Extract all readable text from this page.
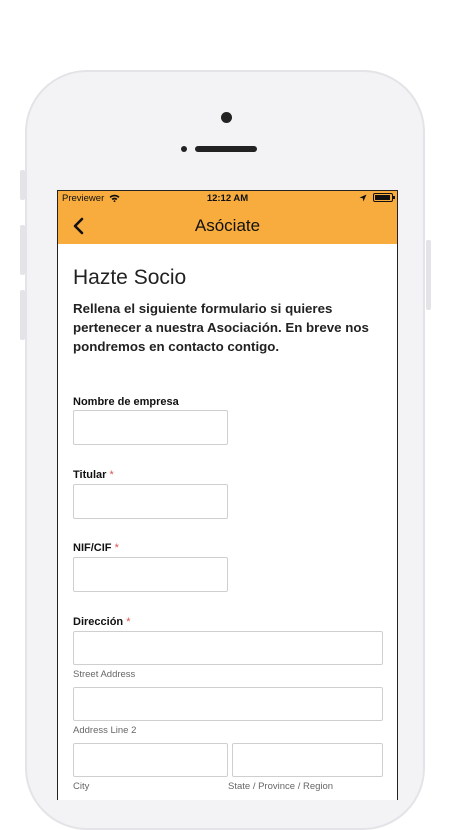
Previewer	12:12 AM
Asóciate
Hazte Socio

Rellena el siguiente formulario si quieres pertenecer a nuestra Asociación. En breve nos pondremos en contacto contigo.

Nombre de empresa
Titular *
NIF/CIF *
Dirección *
Street Address
Address Line 2
City	State / Province / Region
